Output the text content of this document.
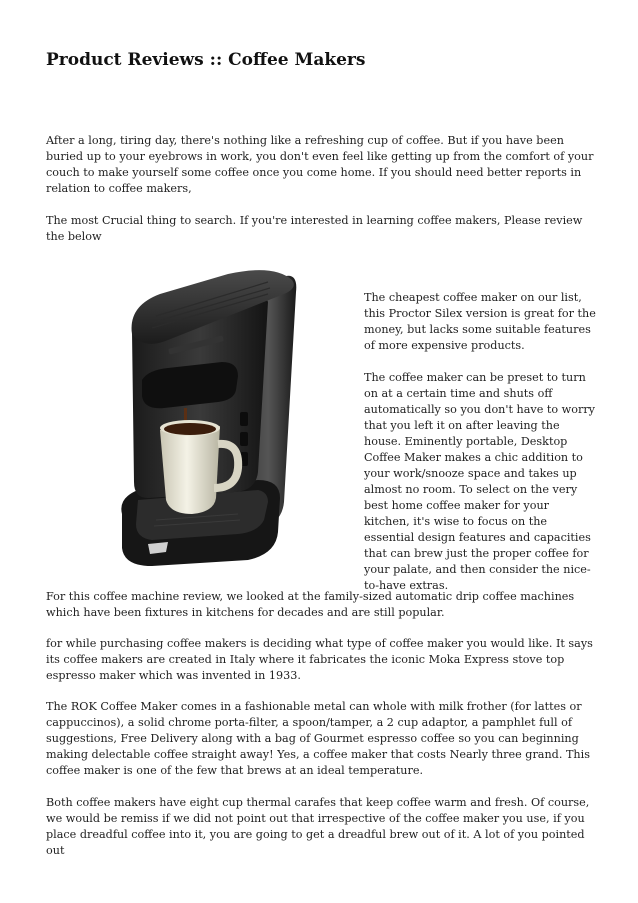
Product Reviews :: Coffee Makers

After a long, tiring day, there's nothing like a refreshing cup of coffee. But if you have been buried up to your eyebrows in work, you don't even feel like getting up from the comfort of your couch to make yourself some coffee once you come home. If you should need better reports in relation to coffee makers,

The most Crucial thing to search. If you're interested in learning coffee makers, Please review the below

The cheapest coffee maker on our list, this Proctor Silex version is great for the money, but lacks some suitable features of more expensive products.

The coffee maker can be preset to turn on at a certain time and shuts off automatically so you don't have to worry that you left it on after leaving the house. Eminently portable, Desktop Coffee Maker makes a chic addition to your work/snooze space and takes up almost no room. To select on the very best home coffee maker for your kitchen, it's wise to focus on the essential design features and capacities that can brew just the proper coffee for your palate, and then consider the nice-to-have extras.

For this coffee machine review, we looked at the family-sized automatic drip coffee machines which have been fixtures in kitchens for decades and are still popular.

for while purchasing coffee makers is deciding what type of coffee maker you would like. It says its coffee makers are created in Italy where it fabricates the iconic Moka Express stove top espresso maker which was invented in 1933.

The ROK Coffee Maker comes in a fashionable metal can whole with milk frother (for lattes or cappuccinos), a solid chrome porta-filter, a spoon/tamper, a 2 cup adaptor, a pamphlet full of suggestions, Free Delivery along with a bag of Gourmet espresso coffee so you can beginning making delectable coffee straight away! Yes, a coffee maker that costs Nearly three grand. This coffee maker is one of the few that brews at an ideal temperature.

Both coffee makers have eight cup thermal carafes that keep coffee warm and fresh. Of course, we would be remiss if we did not point out that irrespective of the coffee maker you use, if you place dreadful coffee into it, you are going to get a dreadful brew out of it. A lot of you pointed out
